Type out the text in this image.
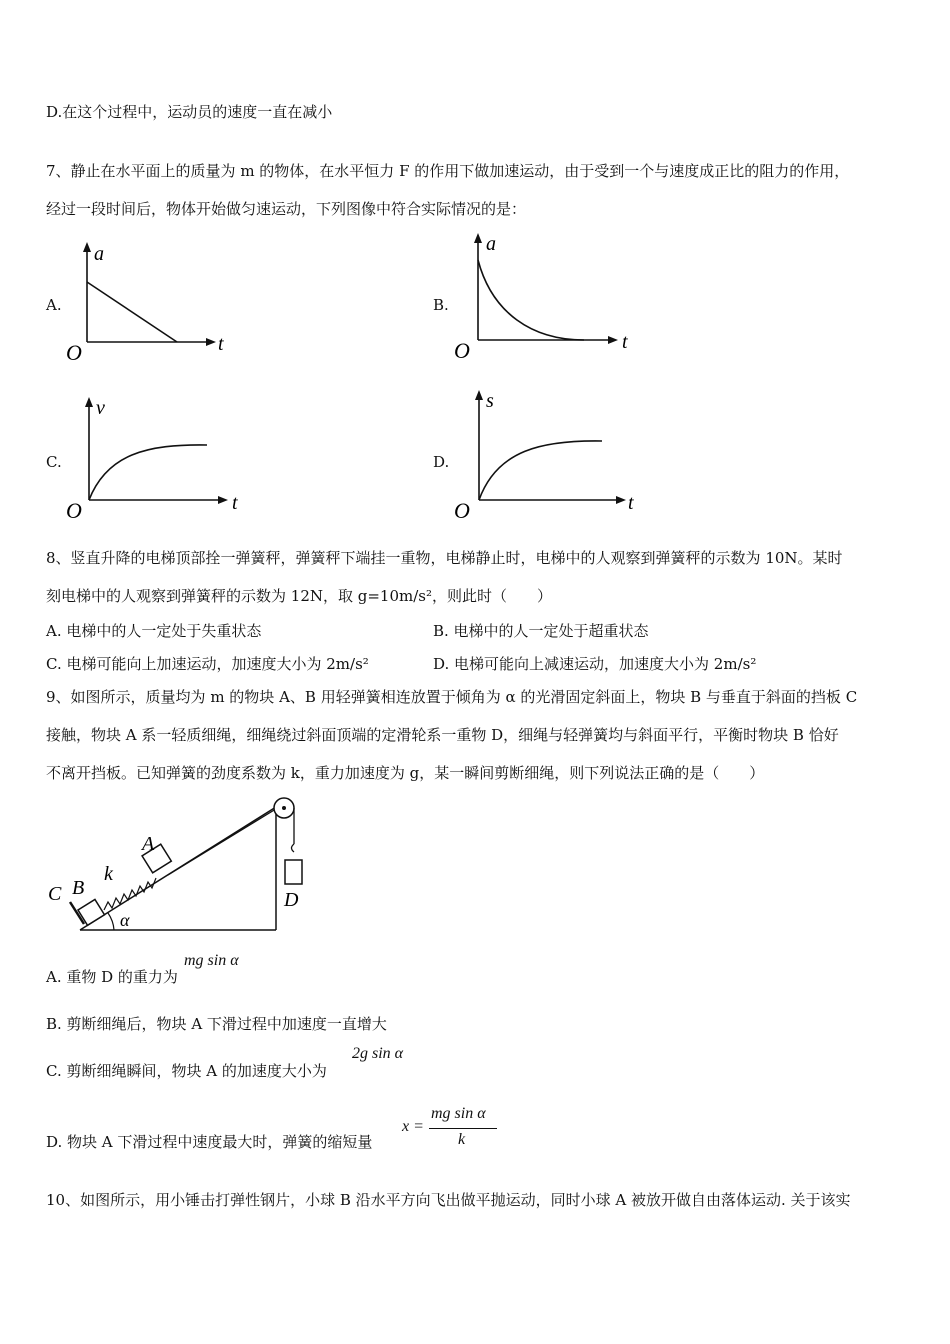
D.在这个过程中，运动员的速度一直在减小
7、静止在水平面上的质量为 m 的物体，在水平恒力 F 的作用下做加速运动，由于受到一个与速度成正比的阻力的作用，
经过一段时间后，物体开始做匀速运动，下列图像中符合实际情况的是：
A.	B.
C.	D.
a
t
O
a
t
O
v
t
O
s
t
O
8、竖直升降的电梯顶部拴一弹簧秤，弹簧秤下端挂一重物，电梯静止时，电梯中的人观察到弹簧秤的示数为 10N。某时
刻电梯中的人观察到弹簧秤的示数为 12N，取 g=10m/s²，则此时（　　）
A. 电梯中的人一定处于失重状态	B. 电梯中的人一定处于超重状态
C. 电梯可能向上加速运动，加速度大小为 2m/s²	D. 电梯可能向上减速运动，加速度大小为 2m/s²
9、如图所示，质量均为 m 的物块 A、B 用轻弹簧相连放置于倾角为 α 的光滑固定斜面上，物块 B 与垂直于斜面的挡板 C
接触，物块 A 系一轻质细绳，细绳绕过斜面顶端的定滑轮系一重物 D，细绳与轻弹簧均与斜面平行，平衡时物块 B 恰好
不离开挡板。已知弹簧的劲度系数为 k，重力加速度为 g，某一瞬间剪断细绳，则下列说法正确的是（　　）
C B
k
A
α
D
A. 重物 D 的重力为
mg sin α
B. 剪断细绳后，物块 A 下滑过程中加速度一直增大
C. 剪断细绳瞬间，物块 A 的加速度大小为
2g sin α
D. 物块 A 下滑过程中速度最大时，弹簧的缩短量
x =
mg sin α
k
10、如图所示，用小锤击打弹性钢片，小球 B 沿水平方向飞出做平抛运动，同时小球 A 被放开做自由落体运动. 关于该实
